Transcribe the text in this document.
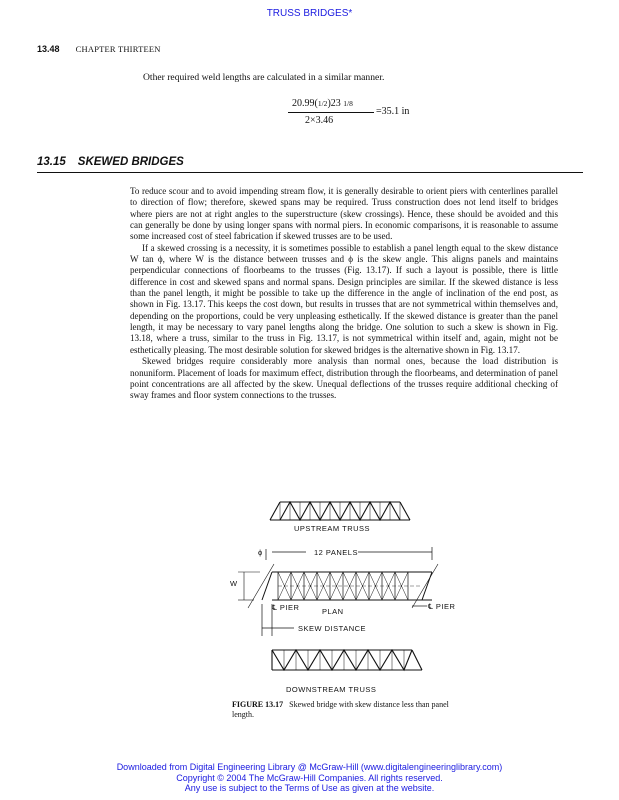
TRUSS BRIDGES*
13.48 CHAPTER THIRTEEN
Other required weld lengths are calculated in a similar manner.
20.99(1/2)23 1/8
2×3.46
=35.1 in
13.15 SKEWED BRIDGES

To reduce scour and to avoid impending stream flow, it is generally desirable to orient piers with centerlines parallel to direction of flow; therefore, skewed spans may be required. Truss construction does not lend itself to bridges where piers are not at right angles to the superstructure (skew crossings). Hence, these should be avoided and this can generally be done by using longer spans with normal piers. In economic comparisons, it is reasonable to assume some increased cost of steel fabrication if skewed trusses are to be used.

If a skewed crossing is a necessity, it is sometimes possible to establish a panel length equal to the skew distance W tan ϕ, where W is the distance between trusses and ϕ is the skew angle. This aligns panels and maintains perpendicular connections of floorbeams to the trusses (Fig. 13.17). If such a layout is possible, there is little difference in cost and skewed spans and normal spans. Design principles are similar. If the skewed distance is less than the panel length, it might be possible to take up the difference in the angle of inclination of the end post, as shown in Fig. 13.17. This keeps the cost down, but results in trusses that are not symmetrical within themselves and, depending on the proportions, could be very unpleasing esthetically. If the skewed distance is greater than the panel length, it may be necessary to vary panel lengths along the bridge. One solution to such a skew is shown in Fig. 13.18, where a truss, similar to the truss in Fig. 13.17, is not symmetrical within itself and, again, might not be esthetically pleasing. The most desirable solution for skewed bridges is the alternative shown in Fig. 13.17.

Skewed bridges require considerably more analysis than normal ones, because the load distribution is nonuniform. Placement of loads for maximum effect, distribution through the floorbeams, and determination of panel point concentrations are all affected by the skew. Unequal deflections of the trusses require additional checking of sway frames and floor system connections to the trusses.

UPSTREAM TRUSS
ϕ	12 PANELS
W
℄ PIER	PLAN
℄ PIER
SKEW DISTANCE
DOWNSTREAM TRUSS
FIGURE 13.17 Skewed bridge with skew distance less than panel length.
Downloaded from Digital Engineering Library @ McGraw-Hill (www.digitalengineeringlibrary.com)
Copyright © 2004 The McGraw-Hill Companies. All rights reserved.
Any use is subject to the Terms of Use as given at the website.
